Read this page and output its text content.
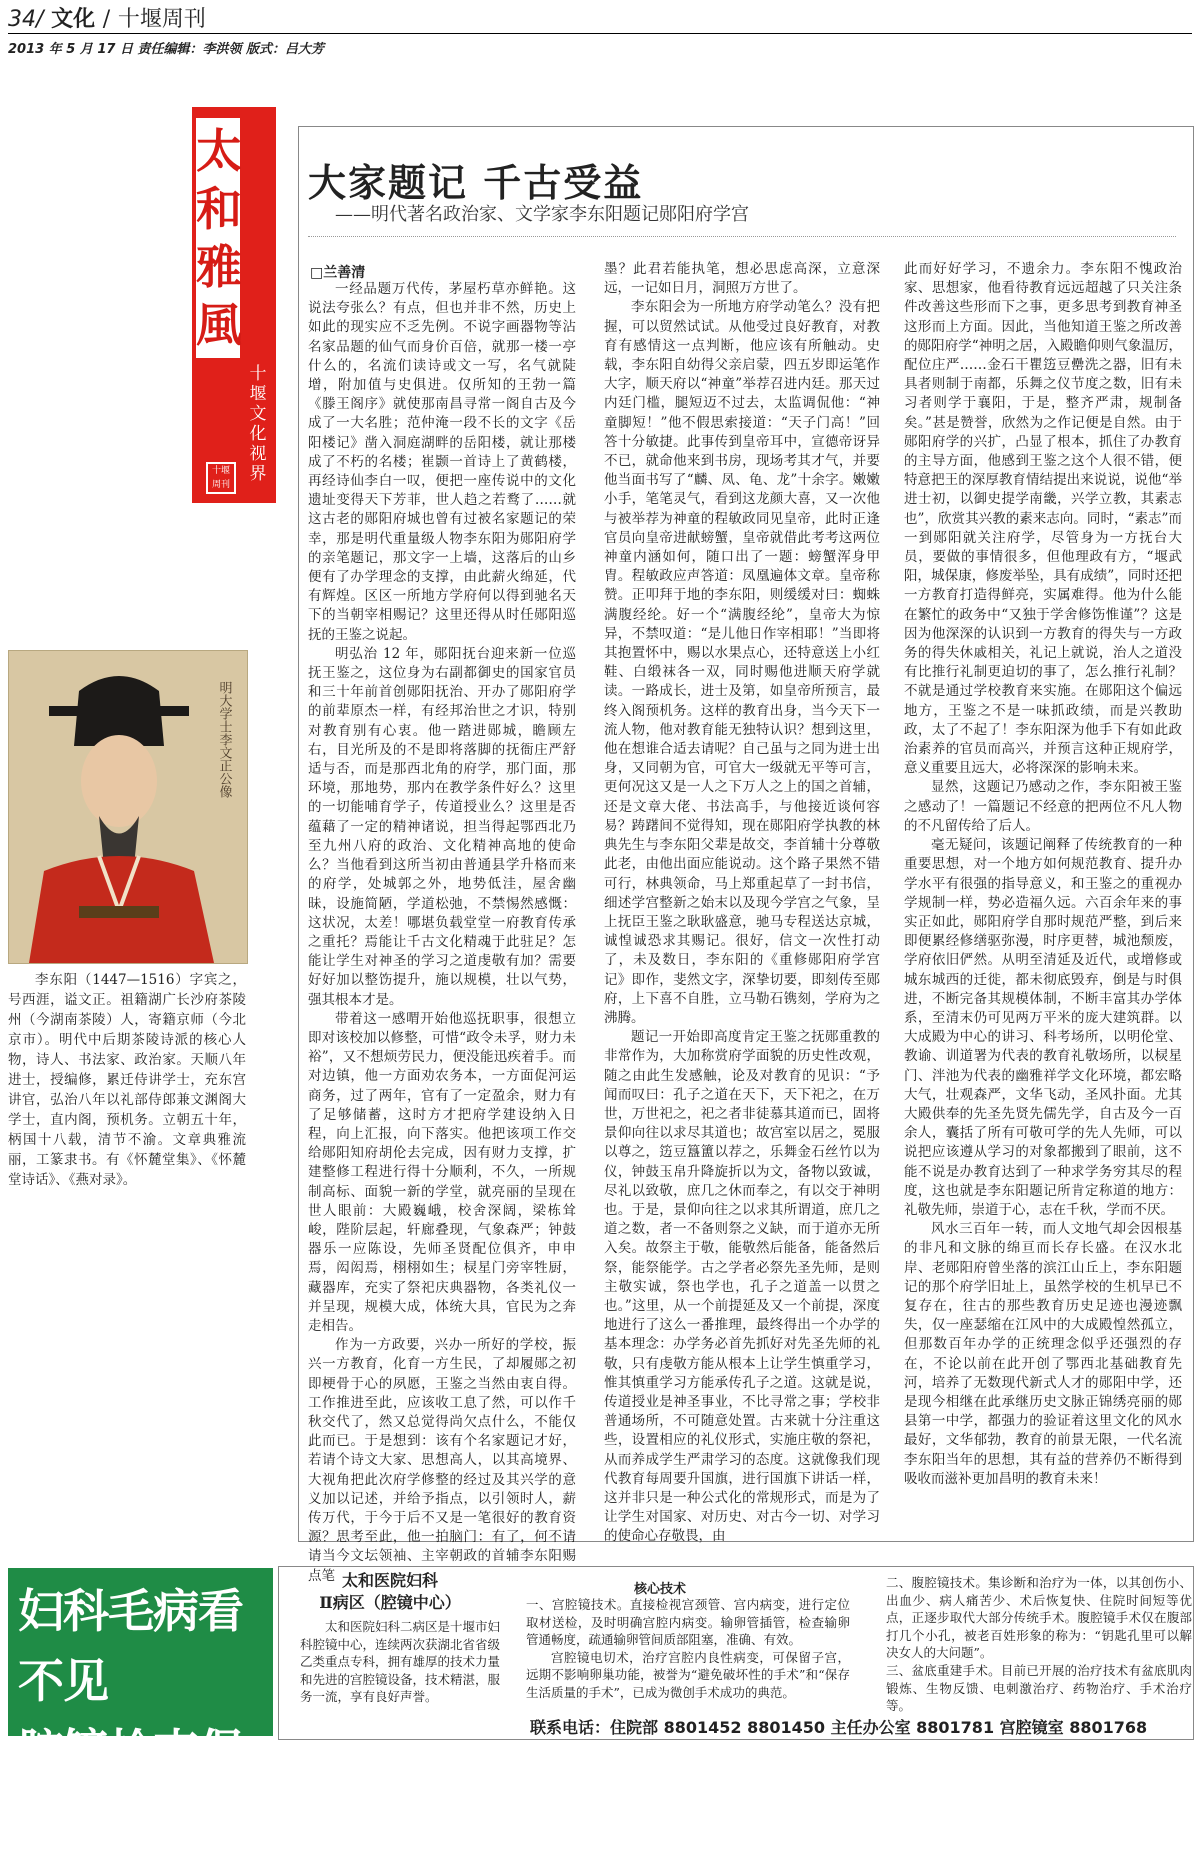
34/ 文化 / 十堰周刊
2013 年 5 月 17 日 责任编辑：李洪领 版式：吕大芳
太和雅風
十堰文化视界
十堰周刊
大家题记 千古受益
——明代著名政治家、文学家李东阳题记郧阳府学宫
□兰善清

一经品题万代传，茅屋朽草亦鲜艳。这说法夸张么？有点，但也并非不然，历史上如此的现实应不乏先例。不说字画器物等沾名家品题的仙气而身价百倍，就那一楼一亭什么的，名流们读诗或文一写，名气就陡增，附加值与史俱进。仅所知的王勃一篇《滕王阁序》就使那南昌寻常一阁自古及今成了一大名胜；范仲淹一段不长的文字《岳阳楼记》凿入洞庭湖畔的岳阳楼，就让那楼成了不朽的名楼；崔颢一首诗上了黄鹤楼，再经诗仙李白一叹，便把一座传说中的文化遗址变得天下芳菲，世人趋之若鹜了……就这古老的郧阳府城也曾有过被名家题记的荣幸，那是明代重量级人物李东阳为郧阳府学的亲笔题记，那文字一上墙，这落后的山乡便有了办学理念的支撑，由此薪火绵延，代有辉煌。区区一所地方学府何以得到驰名天下的当朝宰相赐记？这里还得从时任郧阳巡抚的王鉴之说起。

明弘治 12 年，郧阳抚台迎来新一位巡抚王鉴之，这位身为右副都御史的国家官员和三十年前首创郧阳抚治、开办了郧阳府学的前辈原杰一样，有经邦治世之才识，特别对教育别有心衷。他一踏进郧城，瞻顾左右，目光所及的不是即将落脚的抚衙庄严舒适与否，而是那西北角的府学，那门面，那环境，那地势，那内在教学条件好么？这里的一切能哺育学子，传道授业么？这里是否蕴藉了一定的精神诸说，担当得起鄂西北乃至九州八府的政治、文化精神高地的使命么？当他看到这所当初由普通县学升格而来的府学，处城郭之外，地势低洼，屋舍幽昧，设施简陋，学道松弛，不禁惕然感慨：这状况，太差！哪堪负载堂堂一府教育传承之重托？焉能让千古文化精魂于此驻足？怎能让学生对神圣的学习之道虔敬有加？需要好好加以整饬提升，施以规模，壮以气势，强其根本才是。

带着这一感喟开始他巡抚职事，很想立即对该校加以修整，可惜“政令未孚，财力未裕”，又不想烦劳民力，便没能迅疾着手。而对边镇，他一方面劝农务本，一方面促河运商务，过了两年，官有了一定盈余，财力有了足够储蓄，这时方才把府学建设纳入日程，向上汇报，向下落实。他把该项工作交给郧阳知府胡伦去完成，因有财力支撑，扩建整修工程进行得十分顺利，不久，一所规制高标、面貌一新的学堂，就亮丽的呈现在世人眼前：大殿巍峨，校舍深阔，梁栋耸峻，陛阶层起，轩廊叠现，气象森严；钟鼓器乐一应陈设，先师圣贤配位俱齐，申申焉，闳闳焉，栩栩如生；棂星门旁宰牲厨，藏器库，充实了祭祀庆典器物，各类礼仪一并呈现，规模大成，体统大具，官民为之奔走相告。

作为一方政要，兴办一所好的学校，振兴一方教育，化育一方生民，了却履郧之初即梗骨于心的夙愿，王鉴之当然由衷自得。工作推进至此，应该收工息了然，可以作千秋交代了，然又总觉得尚欠点什么，不能仅此而已。于是想到：该有个名家题记才好，若请个诗文大家、思想高人，以其高境界、大视角把此次府学修整的经过及其兴学的意义加以记述，并给予指点，以引领时人，薪传万代，于今于后不又是一笔很好的教育资源？思考至此，他一拍脑门：有了，何不请请当今文坛领袖、主宰朝政的首辅李东阳赐点笔

墨？此君若能执笔，想必思虑高深，立意深远，一记如日月，洞照万方世了。

李东阳会为一所地方府学动笔么？没有把握，可以贸然试试。从他受过良好教育，对教育有感情这一点判断，他应该有所触动。史载，李东阳自幼得父亲启蒙，四五岁即运笔作大字，顺天府以“神童”举荐召进内廷。那天过内廷门槛，腿短迈不过去，太监调侃他：“神童脚短！”他不假思索接道：“天子门高！”回答十分敏捷。此事传到皇帝耳中，宣德帝讶异不已，就命他来到书房，现场考其才气，并要他当面书写了“麟、凤、龟、龙”十余字。嫩嫩小手，笔笔灵气，看到这龙颜大喜，又一次他与被举荐为神童的程敏政同见皇帝，此时正逢官员向皇帝进献螃蟹，皇帝就借此考考这两位神童内涵如何，随口出了一题：螃蟹浑身甲胄。程敏政应声答道：凤凰遍体文章。皇帝称赞。正叩拜于地的李东阳，则缓缓对曰：蜘蛛满腹经纶。好一个“满腹经纶”，皇帝大为惊异，不禁叹道：“是儿他日作宰相耶！”当即将其抱置怀中，赐以水果点心，还特意送上小红鞋、白缎袜各一双，同时赐他进顺天府学就读。一路成长，进士及第，如皇帝所预言，最终入阁预机务。这样的教育出身，当今天下一流人物，他对教育能无独特认识？想到这里，他在想谁合适去请呢？自己虽与之同为进士出身，又同朝为官，可官大一级就无平等可言，更何况这又是一人之下万人之上的国之首辅，还是文章大佬、书法高手，与他接近谈何容易？踌躇间不觉得知，现在郧阳府学执教的林典先生与李东阳父辈是故交，李首辅十分尊敬此老，由他出面应能说动。这个路子果然不错可行，林典领命，马上郑重起草了一封书信，细述学宫整新之始末以及现今学宫之气象，呈上抚臣王鉴之耿耿盛意，驰马专程送达京城，诚惶诚恐求其赐记。很好，信文一次性打动了，未及数日，李东阳的《重修郧阳府学宫记》即作，斐然文字，深挚切要，即刻传至郧府，上下喜不自胜，立马勒石镌刻，学府为之沸腾。

题记一开始即高度肯定王鉴之抚郧重教的非常作为，大加称赏府学面貌的历史性改观，随之由此生发感触，论及对教育的见识：“予闻而叹曰：孔子之道在天下，天下祀之，在万世，万世祀之，祀之者非徒慕其道而已，固将景仰向往以求尽其道也；故宫室以居之，冕服以尊之，笾豆簋簠以荐之，乐舞金石丝竹以为仪，钟鼓玉帛升降旋折以为文，备物以致诚，尽礼以致敬，庶几之休而奉之，有以交于神明也。于是，景仰向往之以求其所谓道，庶几之道之数，者一不备则祭之义缺，而于道亦无所入矣。故祭主于敬，能敬然后能备，能备然后祭，能祭能学。古之学者必祭先圣先师，是则主敬实诚，祭也学也，孔子之道盖一以贯之也。”这里，从一个前提延及又一个前提，深度地进行了这么一番推理，最终得出一个办学的基本理念：办学务必首先抓好对先圣先师的礼敬，只有虔敬方能从根本上让学生慎重学习，惟其慎重学习方能承传孔子之道。这就是说，传道授业是神圣事业，不比寻常之事；学校非普通场所，不可随意处置。古来就十分注重这些，设置相应的礼仪形式，实施庄敬的祭祀，从而养成学生严肃学习的态度。这就像我们现代教育每周要升国旗，进行国旗下讲话一样，这并非只是一种公式化的常规形式，而是为了让学生对国家、对历史、对古今一切、对学习的使命心存敬畏，由

此而好好学习，不遗余力。李东阳不愧政治家、思想家，他看待教育远远超越了只关注条件改善这些形而下之事，更多思考到教育神圣这形而上方面。因此，当他知道王鉴之所改善的郧阳府学“神明之居，入殿瞻仰则气象温厉，配位庄严……金石干瞿笾豆罍洗之器，旧有未具者则制于南都，乐舞之仪节度之数，旧有未习者则学于襄阳，于是，整齐严肃，规制备矣。”甚是赞誉，欣然为之作记便是自然。由于郧阳府学的兴扩，凸显了根本，抓住了办教育的主导方面，他感到王鉴之这个人很不错，便特意把王的深厚教育情结提出来说说，说他“举进士初，以御史提学南畿，兴学立教，其素志也”，欣赏其兴教的素来志向。同时，“素志”而一到郧阳就关注府学，尽管身为一方抚台大员，要做的事情很多，但他理政有方，“堰武阳，城保康，修废举坠，具有成绩”，同时还把一方教育打造得鲜亮，实属难得。他为什么能在繁忙的政务中“又独于学舍修饬惟谨”？这是因为他深深的认识到一方教育的得失与一方政务的得失休戚相关，礼记上就说，治人之道没有比推行礼制更迫切的事了，怎么推行礼制？不就是通过学校教育来实施。在郧阳这个偏远地方，王鉴之不是一味抓政绩，而是兴教助政，太了不起了！李东阳深为他手下有如此政治素养的官员而高兴，并预言这种正规府学，意义重要且远大，必将深深的影响未来。

显然，这题记乃感动之作，李东阳被王鉴之感动了！一篇题记不经意的把两位不凡人物的不凡留传给了后人。

毫无疑问，该题记阐释了传统教育的一种重要思想，对一个地方如何规范教育、提升办学水平有很强的指导意义，和王鉴之的重视办学规制一样，势必造福久远。六百余年来的事实正如此，郧阳府学自那时规范严整，到后来即便累经修缮驱弥漫，时序更替，城池颓废，学府依旧俨然。从明至清延及近代，或增修或城东城西的迁徙，都未彻底毁弃，倒是与时俱进，不断完备其规模体制，不断丰富其办学体系，至清末仍可见两万平米的庞大建筑群。以大成殿为中心的讲习、科考场所，以明伦堂、教谕、训道署为代表的教育礼敬场所，以棂星门、泮池为代表的幽雅祥学文化环境，都宏略大气，壮观森严，文华飞动，圣风扑面。尤其大殿供奉的先圣先贤先儒先学，自古及今一百余人，囊括了所有可敬可学的先人先师，可以说把应该遵从学习的对象都搬到了眼前，这不能不说是办教育达到了一种求学务穷其尽的程度，这也就是李东阳题记所肯定称道的地方：礼敬先师，崇道于心，志在千秋，学而不厌。

风水三百年一转，而人文地气却会因根基的非凡和文脉的绵亘而长存长盛。在汉水北岸、老郧阳府曾坐落的滨江山丘上，李东阳题记的那个府学旧址上，虽然学校的生机早已不复存在，往古的那些教育历史足迹也漫迹飘失，仅一座瑟缩在江风中的大成殿惶然孤立，但那数百年办学的正统理念似乎还强烈的存在，不论以前在此开创了鄂西北基础教育先河，培养了无数现代新式人才的郧阳中学，还是现今相继在此承继历史文脉正锦绣亮丽的郧县第一中学，都强力的验证着这里文化的风水最好，文华郁勃，教育的前景无限，一代名流李东阳当年的思想，其有益的营养仍不断得到吸收而滋补更加昌明的教育未来！

明大学士李文正公像

李东阳（1447—1516）字宾之，号西涯，谥文正。祖籍湖广长沙府茶陵州（今湖南茶陵）人，寄籍京师（今北京市）。明代中后期茶陵诗派的核心人物，诗人、书法家、政治家。天顺八年进士，授编修，累迁侍讲学士，充东宫讲官，弘治八年以礼部侍郎兼文渊阁大学士，直内阁，预机务。立朝五十年，柄国十八载，清节不渝。文章典雅流丽，工篆隶书。有《怀麓堂集》、《怀麓堂诗话》、《燕对录》。

妇科毛病看不见
腔镜检查保安全
太和医院妇科
Ⅱ病区（腔镜中心）

太和医院妇科二病区是十堰市妇科腔镜中心，连续两次获湖北省省级乙类重点专科，拥有雄厚的技术力量和先进的宫腔镜设备，技术精湛，服务一流，享有良好声誉。

核心技术

一、宫腔镜技术。直接检视宫颈管、宫内病变，进行定位取材送检，及时明确宫腔内病变。输卵管插管，检查输卵管通畅度，疏通输卵管间质部阻塞，准确、有效。

宫腔镜电切术，治疗宫腔内良性病变，可保留子宫，远期不影响卵巢功能，被誉为“避免破坏性的手术”和“保存生活质量的手术”，已成为微创手术成功的典范。

二、腹腔镜技术。集诊断和治疗为一体，以其创伤小、出血少、病人痛苦少、术后恢复快、住院时间短等优点，正逐步取代大部分传统手术。腹腔镜手术仅在腹部打几个小孔，被老百姓形象的称为：“钥匙孔里可以解决女人的大问题”。

三、盆底重建手术。目前已开展的治疗技术有盆底肌肉锻炼、生物反馈、电刺激治疗、药物治疗、手术治疗等。

联系电话：住院部 8801452 8801450 主任办公室 8801781 宫腔镜室 8801768
